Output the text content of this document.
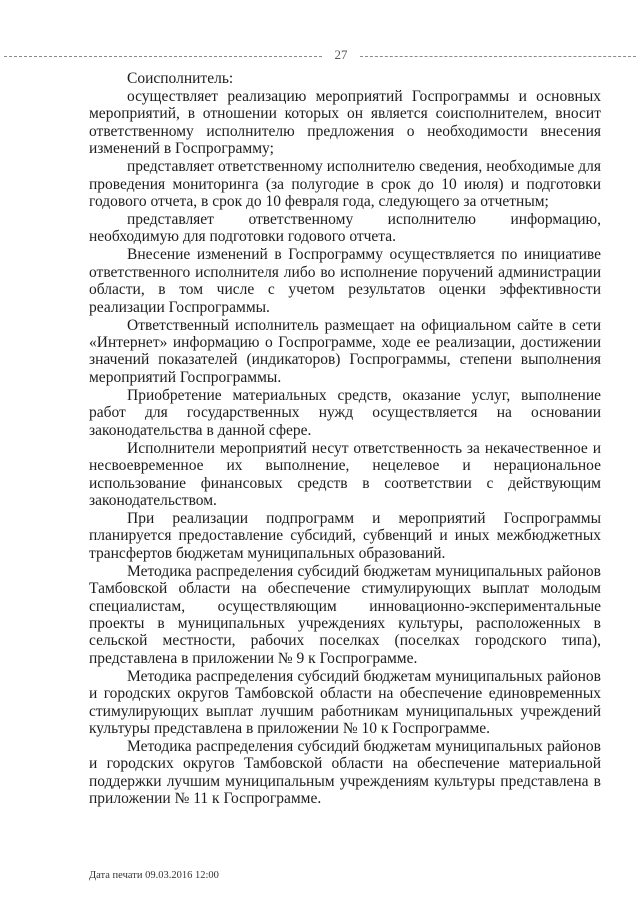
27

Соисполнитель:

осуществляет реализацию мероприятий Госпрограммы и основных мероприятий, в отношении которых он является соисполнителем, вносит ответственному исполнителю предложения о необходимости внесения изменений в Госпрограмму;

представляет ответственному исполнителю сведения, необходимые для проведения мониторинга (за полугодие в срок до 10 июля) и подготовки годового отчета, в срок до 10 февраля года, следующего за отчетным;

представляет ответственному исполнителю информацию, необходимую для подготовки годового отчета.

Внесение изменений в Госпрограмму осуществляется по инициативе ответственного исполнителя либо во исполнение поручений администрации области, в том числе с учетом результатов оценки эффективности реализации Госпрограммы.

Ответственный исполнитель размещает на официальном сайте в сети «Интернет» информацию о Госпрограмме, ходе ее реализации, достижении значений показателей (индикаторов) Госпрограммы, степени выполнения мероприятий Госпрограммы.

Приобретение материальных средств, оказание услуг, выполнение работ для государственных нужд осуществляется на основании законодательства в данной сфере.

Исполнители мероприятий несут ответственность за некачественное и несвоевременное их выполнение, нецелевое и нерациональное использование финансовых средств в соответствии с действующим законодательством.

При реализации подпрограмм и мероприятий Госпрограммы планируется предоставление субсидий, субвенций и иных межбюджетных трансфертов бюджетам муниципальных образований.

Методика распределения субсидий бюджетам муниципальных районов Тамбовской области на обеспечение стимулирующих выплат молодым специалистам, осуществляющим инновационно-экспериментальные проекты в муниципальных учреждениях культуры, расположенных в сельской местности, рабочих поселках (поселках городского типа), представлена в приложении № 9 к Госпрограмме.

Методика распределения субсидий бюджетам муниципальных районов и городских округов Тамбовской области на обеспечение единовременных стимулирующих выплат лучшим работникам муниципальных учреждений культуры представлена в приложении № 10 к Госпрограмме.

Методика распределения субсидий бюджетам муниципальных районов и городских округов Тамбовской области на обеспечение материальной поддержки лучшим муниципальным учреждениям культуры представлена в приложении № 11 к Госпрограмме.

Дата печати 09.03.2016 12:00
